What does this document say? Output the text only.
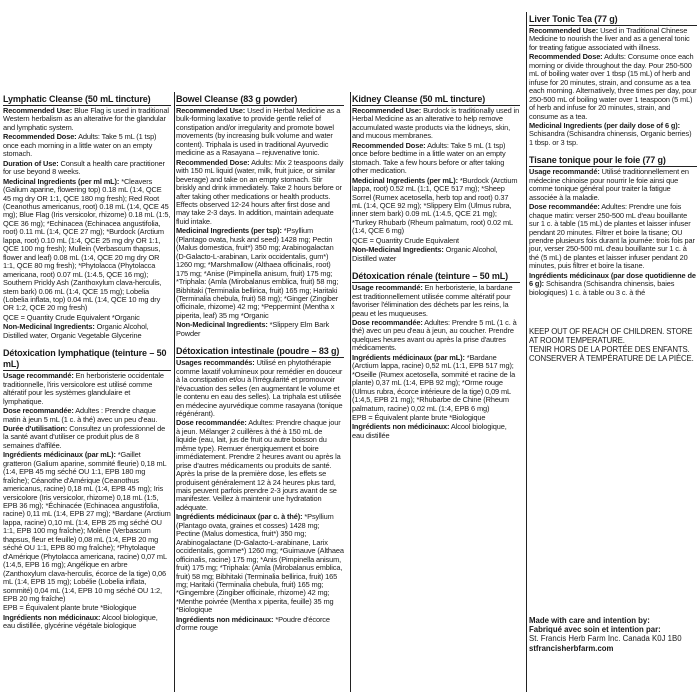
Lymphatic Cleanse (50 mL tincture)
Recommended Use: Blue Flag is used in traditional Western herbalism as an alterative for the glandular and lymphatic system.
Recommended Dose: Adults: Take 5 mL (1 tsp) once each morning in a little water on an empty stomach.
Duration of Use: Consult a health care practitioner for use beyond 8 weeks.
Medicinal Ingredients (per ml mL): *Cleavers (Galium aparine, flowering top) 0.18 mL (1:4, QCE 45 mg dry OR 1:1, QCE 180 mg fresh); Red Root (Ceanothus americanus, root) 0.18 mL (1:4, QCE 45 mg); Blue Flag (Iris versicolor, rhizome) 0.18 mL (1:5, QCE 36 mg); *Echinacea (Echinacea angustifolia, root) 0.11 mL (1:4, QCE 27 mg); *Burdock (Arctium lappa, root) 0.10 mL (1:4, QCE 25 mg dry OR 1:1, QCE 100 mg fresh); Mullein (Verbascum thapsus, flower and leaf) 0.08 mL (1:4, QCE 20 mg dry OR 1:1, QCE 80 mg fresh); *Phytolacca (Phytolacca americana, root) 0.07 mL (1:4.5, QCE 16 mg); Southern Prickly Ash (Zanthoxylum clava-herculis, stem bark) 0.06 mL (1:4, QCE 15 mg); Lobelia (Lobelia inflata, top) 0.04 mL (1:4, QCE 10 mg dry OR 1:2, QCE 20 mg fresh)
QCE = Quantity Crude Equivalent *Organic
Non-Medicinal Ingredients: Organic Alcohol, Distilled water, Organic Vegetable Glycerine
Détoxication lymphatique (teinture – 50 mL)
Usage recommandé: En herboristerie occidentale traditionnelle, l'iris versicolore est utilisé comme altératif pour les systèmes glandulaire et lymphatique.
Dose recommandée: Adultes : Prendre chaque matin à jeun 5 mL (1 c. à thé) avec un peu d'eau.
Durée d'utilisation: Consultez un professionnel de la santé avant d'utiliser ce produit plus de 8 semaines d'affilée.
Ingrédients médicinaux (par mL): *Gaillet gratteron (Galium aparine, sommité fleurie) 0,18 mL (1:4, EPB 45 mg séché OU 1:1, EPB 180 mg fraîche); Céanothe d'Amérique (Ceanothus americanus, racine) 0,18 mL (1:4, EPB 45 mg); Iris versicolore (Iris versicolor, rhizome) 0,18 mL (1:5, EPB 36 mg); *Échinacée (Echinacea angustifolia, racine) 0,11 mL (1:4, EPB 27 mg); *Bardane (Arctium lappa, racine) 0,10 mL (1:4, EPB 25 mg séché OU 1:1, EPB 100 mg fraîche); Molène (Verbascum thapsus, fleur et feuille) 0,08 mL (1:4, EPB 20 mg séché OU 1:1, EPB 80 mg fraîche); *Phytolaque d'Amérique (Phytolacca americana, racine) 0,07 mL (1:4,5, EPB 16 mg); Angélique en arbre (Zanthoxylum clava-herculis, écorce de la tige) 0,06 mL (1:4, EPB 15 mg); Lobélie (Lobelia inflata, sommité) 0,04 mL (1:4, EPB 10 mg séché OU 1:2, EPB 20 mg fraîche)
EPB = Équivalent plante brute *Biologique
Ingrédients non médicinaux: Alcool biologique, eau distillée, glycérine végétale biologique
Bowel Cleanse (83 g powder)
Recommended Use: Used in Herbal Medicine as a bulk-forming laxative to provide gentle relief of constipation and/or irregularity and promote bowel movements (by increasing bulk volume and water content). Triphala is used in traditional Ayurvedic medicine as a Rasayana – rejuvenative tonic.
Recommended Dose: Adults: Mix 2 teaspoons daily with 150 mL liquid (water, milk, fruit juice, or similar beverage) and take on an empty stomach. Stir briskly and drink immediately. Take 2 hours before or after taking other medications or health products. Effects observed 12-24 hours after first dose and may take 2-3 days. In addition, maintain adequate fluid intake.
Medicinal Ingredients (per tsp): *Psyllium (Plantago ovata, husk and seed) 1428 mg; Pectin (Malus domestica, fruit*) 350 mg; Arabinogalactan (D-Galacto-L-arabinan, Larix occidentalis, gum*) 1260 mg; *Marshmallow (Althaea officinalis, root) 175 mg; *Anise (Pimpinella anisum, fruit) 175 mg; *Triphala: (Amla (Mirobalanus emblica, fruit) 58 mg; Bibhitaki (Terminalia bellirica, fruit) 165 mg; Haritaki (Terminalia chebula, fruit) 58 mg); *Ginger (Zingiber officinale, rhizome) 42 mg; *Peppermint (Mentha x piperita, leaf) 35 mg *Organic
Non-Medicinal Ingredients: *Slippery Elm Bark Powder
Détoxication intestinale (poudre – 83 g)
Usages recommandés: Utilisé en phytothérapie comme laxatif volumineux pour remédier en douceur à la constipation et/ou à l'irrégularité et promouvoir l'évacuation des selles (en augmentant le volume et le contenu en eau des selles). La triphala est utilisée en médecine ayurvédique comme rasayana (tonique régénérant).
Dose recommandée: Adultes: Prendre chaque jour à jeun. Mélanger 2 cuillères à thé à 150 mL de liquide (eau, lait, jus de fruit ou autre boisson du même type). Remuer énergiquement et boire immédiatement. Prendre 2 heures avant ou après la prise d'autres médicaments ou produits de santé. Après la prise de la première dose, les effets se produisent généralement 12 à 24 heures plus tard, mais peuvent parfois prendre 2-3 jours avant de se manifester. Veillez à maintenir une hydratation adéquate.
Ingrédients médicinaux (par c. à thé): *Psyllium (Plantago ovata, graines et cosses) 1428 mg; Pectine (Malus domestica, fruit*) 350 mg; Arabinogalactane (D-Galacto-L-arabinane, Larix occidentalis, gomme*) 1260 mg; *Guimauve (Althaea officinalis, racine) 175 mg; *Anis (Pimpinella anisum, fruit) 175 mg; *Triphala: (Amla (Mirobalanus emblica, fruit) 58 mg; Bibhitaki (Terminalia bellirica, fruit) 165 mg; Haritaki (Terminalia chebula, fruit) 165 mg; *Gingembre (Zingiber officinale, rhizome) 42 mg; *Menthe poivrée (Mentha x piperita, feuille) 35 mg *Biologique
Ingrédients non médicinaux: *Poudre d'écorce d'orme rouge
Kidney Cleanse (50 mL tincture)
Recommended Use: Burdock is traditionally used in Herbal Medicine as an alterative to help remove accumulated waste products via the kidneys, skin, and mucous membranes.
Recommended Dose: Adults: Take 5 mL (1 tsp) once before bedtime in a little water on an empty stomach. Take a few hours before or after taking other medication.
Medicinal Ingredients (per mL): *Burdock (Arctium lappa, root) 0.52 mL (1:1, QCE 517 mg); *Sheep Sorrel (Rumex acetosella, herb top and root) 0.37 mL (1:4, QCE 92 mg); *Slippery Elm (Ulmus rubra, inner stem bark) 0.09 mL (1:4.5, QCE 21 mg); *Turkey Rhubarb (Rheum palmatum, root) 0.02 mL (1:4, QCE 6 mg)
QCE = Quantity Crude Equivalent
Non-Medicinal Ingredients: Organic Alcohol, Distilled water
Détoxication rénale (teinture – 50 mL)
Usage recommandé: En herboristerie, la bardane est traditionnellement utilisée comme altératif pour favoriser l'élimination des déchets par les reins, la peau et les muqueuses.
Dose recommandée: Adultes: Prendre 5 mL (1 c. à thé) avec un peu d'eau à jeun, au coucher. Prendre quelques heures avant ou après la prise d'autres médicaments.
Ingrédients médicinaux (par mL): *Bardane (Arctium lappa, racine) 0,52 mL (1:1, EPB 517 mg); *Oseille (Rumex acetosella, sommité et racine de la plante) 0,37 mL (1:4, EPB 92 mg); *Orme rouge (Ulmus rubra, écorce intérieure de la tige) 0,09 mL (1:4,5, EPB 21 mg); *Rhubarbe de Chine (Rheum palmatum, racine) 0,02 mL (1:4, EPB 6 mg)
EPB = Équivalent plante brute *Biologique
Ingrédients non médicinaux: Alcool biologique, eau distillée
Liver Tonic Tea (77 g)
Recommended Use: Used in Traditional Chinese Medicine to nourish the liver and as a general tonic for treating fatigue associated with illness.
Recommended Dose: Adults: Consume once each morning or divide throughout the day. Pour 250-500 mL of boiling water over 1 tbsp (15 mL) of herb and infuse for 20 minutes, strain, and consume as a tea each morning. Alternatively, three times per day, pour 250-500 mL of boiling water over 1 teaspoon (5 mL) of herb and infuse for 20 minutes, strain, and consume as a tea.
Medicinal Ingredients (per daily dose of 6 g): Schisandra (Schisandra chinensis, Organic berries) 1 tbsp. or 3 tsp.
Tisane tonique pour le foie (77 g)
Usage recommandé: Utilisé traditionnellement en médecine chinoise pour nourrir le foie ainsi que comme tonique général pour traiter la fatigue associée à la maladie.
Dose recommandée: Adultes: Prendre une fois chaque matin: verser 250-500 mL d'eau bouillante sur 1 c. à table (15 mL) de plantes et laisser infuser pendant 20 minutes. Filtrer et boire la tisane; OU prendre plusieurs fois durant la journée: trois fois par jour, verser 250-500 mL d'eau bouillante sur 1 c. à thé (5 mL) de plantes et laisser infuser pendant 20 minutes, puis filtrer et boire la tisane.
Ingrédients médicinaux (par dose quotidienne de 6 g): Schisandra (Schisandra chinensis, baies biologiques) 1 c. à table ou 3 c. à thé
KEEP OUT OF REACH OF CHILDREN. STORE AT ROOM TEMPERATURE.
TENIR HORS DE LA PORTÉE DES ENFANTS. CONSERVER À TEMPÉRATURE DE LA PIÈCE.
Made with care and intention by:
Fabriqué avec soin et intention par:
St. Francis Herb Farm Inc. Canada K0J 1B0
stfrancisherbfarm.com
